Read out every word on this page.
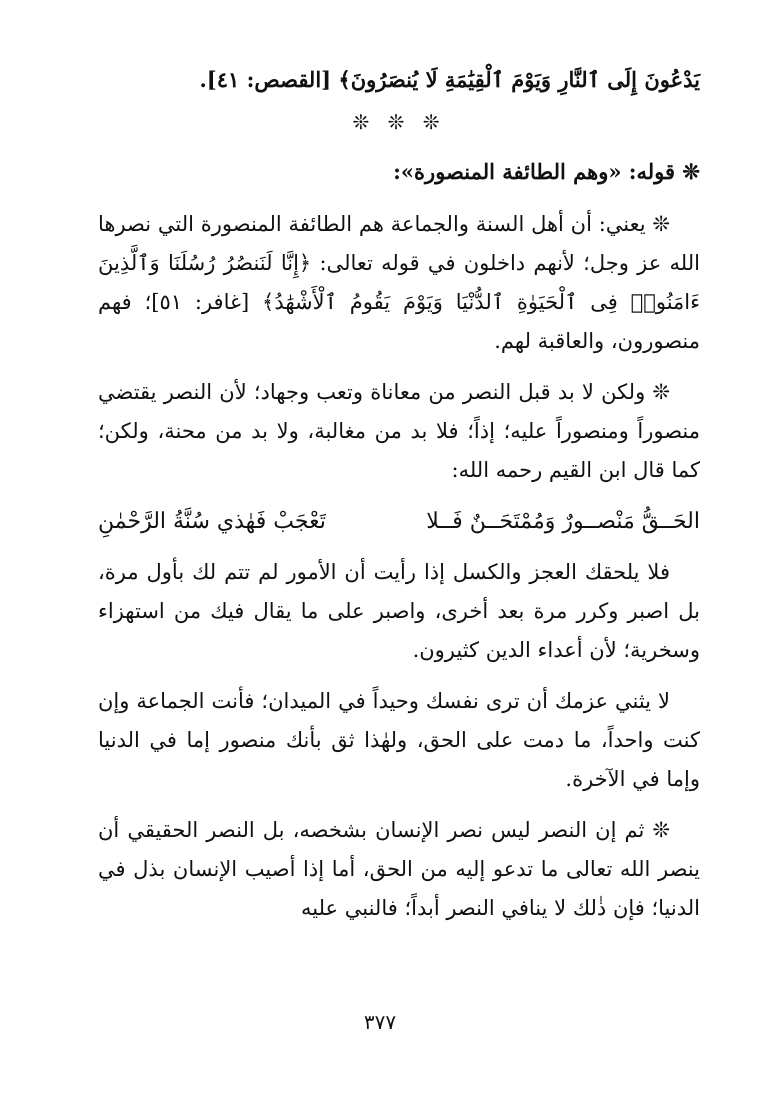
يَدْعُونَ إِلَى ٱلنَّارِ وَيَوْمَ ٱلْقِيَٰمَةِ لَا يُنصَرُونَ﴾ [القصص: ٤١].

❊ ❊ ❊

❊ قوله: «وهم الطائفة المنصورة»:

❊ يعني: أن أهل السنة والجماعة هم الطائفة المنصورة التي نصرها الله عز وجل؛ لأنهم داخلون في قوله تعالى: ﴿إِنَّا لَنَنصُرُ رُسُلَنَا وَٱلَّذِينَ ءَامَنُوا۟ فِى ٱلْحَيَوٰةِ ٱلدُّنْيَا وَيَوْمَ يَقُومُ ٱلْأَشْهَٰدُ﴾ [غافر: ٥١]؛ فهم منصورون، والعاقبة لهم.

❊ ولكن لا بد قبل النصر من معاناة وتعب وجهاد؛ لأن النصر يقتضي منصوراً ومنصوراً عليه؛ إذاً؛ فلا بد من مغالبة، ولا بد من محنة، ولكن؛ كما قال ابن القيم رحمه الله:

الحَــقُّ مَنْصــورٌ وَمُمْتَحَــنٌ فَــلا
تَعْجَبْ فَهٰذي سُنَّةُ الرَّحْمٰنِ

فلا يلحقك العجز والكسل إذا رأيت أن الأمور لم تتم لك بأول مرة، بل اصبر وكرر مرة بعد أخرى، واصبر على ما يقال فيك من استهزاء وسخرية؛ لأن أعداء الدين كثيرون.

لا يثني عزمك أن ترى نفسك وحيداً في الميدان؛ فأنت الجماعة وإن كنت واحداً، ما دمت على الحق، ولهٰذا ثق بأنك منصور إما في الدنيا وإما في الآخرة.

❊ ثم إن النصر ليس نصر الإنسان بشخصه، بل النصر الحقيقي أن ينصر الله تعالى ما تدعو إليه من الحق، أما إذا أصيب الإنسان بذل في الدنيا؛ فإن ذٰلك لا ينافي النصر أبداً؛ فالنبي عليه

٣٧٧
